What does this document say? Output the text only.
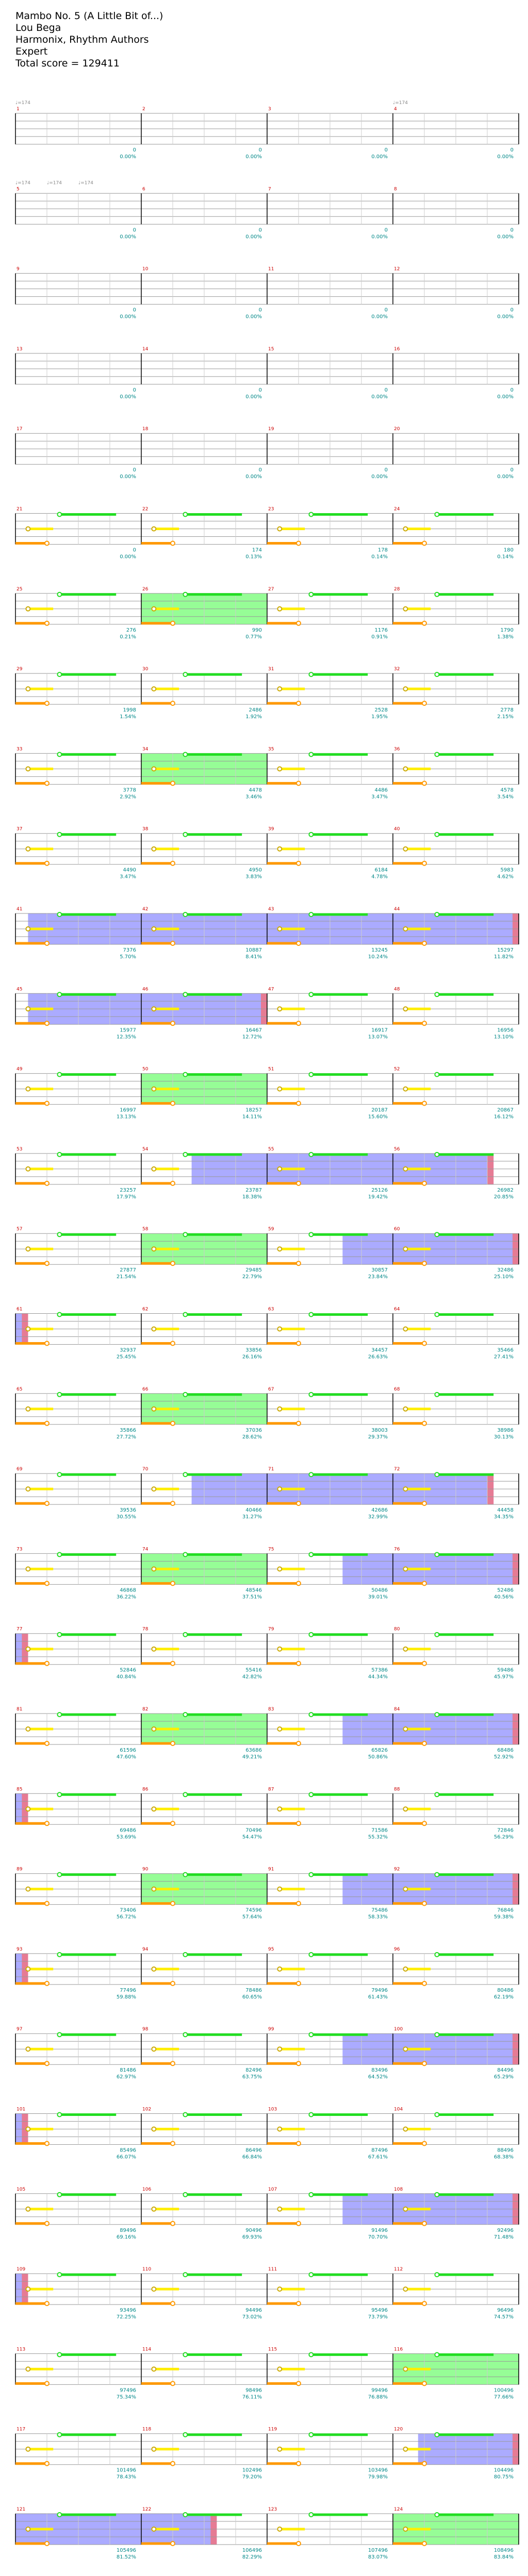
Mambo No. 5 (A Little Bit of...)
Lou Bega
Harmonix, Rhythm Authors
Expert
Total score = 129411
1	2	3	4
0
0.00%
0
0.00%
0
0.00%
0
0.00%
5	6	7	8
0
0.00%
0
0.00%
0
0.00%
0
0.00%
9	10	11	12
0
0.00%
0
0.00%
0
0.00%
0
0.00%
13	14	15	16
0
0.00%
0
0.00%
0
0.00%
0
0.00%
17	18	19	20
0
0.00%
0
0.00%
0
0.00%
0
0.00%
21	22	23	24
0
0.00%
174
0.13%
178
0.14%
180
0.14%
25	26	27	28
276
0.21%
990
0.77%
1176
0.91%
1790
1.38%
29	30	31	32
1998
1.54%
2486
1.92%
2528
1.95%
2778
2.15%
33	34	35	36
3778
2.92%
4478
3.46%
4486
3.47%
4578
3.54%
37	38	39	40
4490
3.47%
4950
3.83%
6184
4.78%
5983
4.62%
41	42	43	44
7376
5.70%
10887
8.41%
13245
10.24%
15297
11.82%
45	46	47	48
15977
12.35%
16467
12.72%
16917
13.07%
16956
13.10%
49	50	51	52
16997
13.13%
18257
14.11%
20187
15.60%
20867
16.12%
53	54	55	56
23257
17.97%
23787
18.38%
25126
19.42%
26982
20.85%
57	58	59	60
27877
21.54%
29485
22.79%
30857
23.84%
32486
25.10%
61	62	63	64
32937
25.45%
33856
26.16%
34457
26.63%
35466
27.41%
65	66	67	68
35866
27.72%
37036
28.62%
38003
29.37%
38986
30.13%
69	70	71	72
39536
30.55%
40466
31.27%
42686
32.99%
44458
34.35%
73	74	75	76
46868
36.22%
48546
37.51%
50486
39.01%
52486
40.56%
77	78	79	80
52846
40.84%
55416
42.82%
57386
44.34%
59486
45.97%
81	82	83	84
61596
47.60%
63686
49.21%
65826
50.86%
68486
52.92%
85	86	87	88
69486
53.69%
70496
54.47%
71586
55.32%
72846
56.29%
89	90	91	92
73406
56.72%
74596
57.64%
75486
58.33%
76846
59.38%
93	94	95	96
77496
59.88%
78486
60.65%
79496
61.43%
80486
62.19%
97	98	99	100
81486
62.97%
82496
63.75%
83496
64.52%
84496
65.29%
101	102	103	104
85496
66.07%
86496
66.84%
87496
67.61%
88496
68.38%
105	106	107	108
89496
69.16%
90496
69.93%
91496
70.70%
92496
71.48%
109	110	111	112
93496
72.25%
94496
73.02%
95496
73.79%
96496
74.57%
113	114	115	116
97496
75.34%
98496
76.11%
99496
76.88%
100496
77.66%
117	118	119	120
101496
78.43%
102496
79.20%
103496
79.98%
104496
80.75%
121	122	123	124
105496
81.52%
106496
82.29%
107496
83.07%
108496
83.84%
♩=174	♩=174
♩=174	♩=174	♩=174
